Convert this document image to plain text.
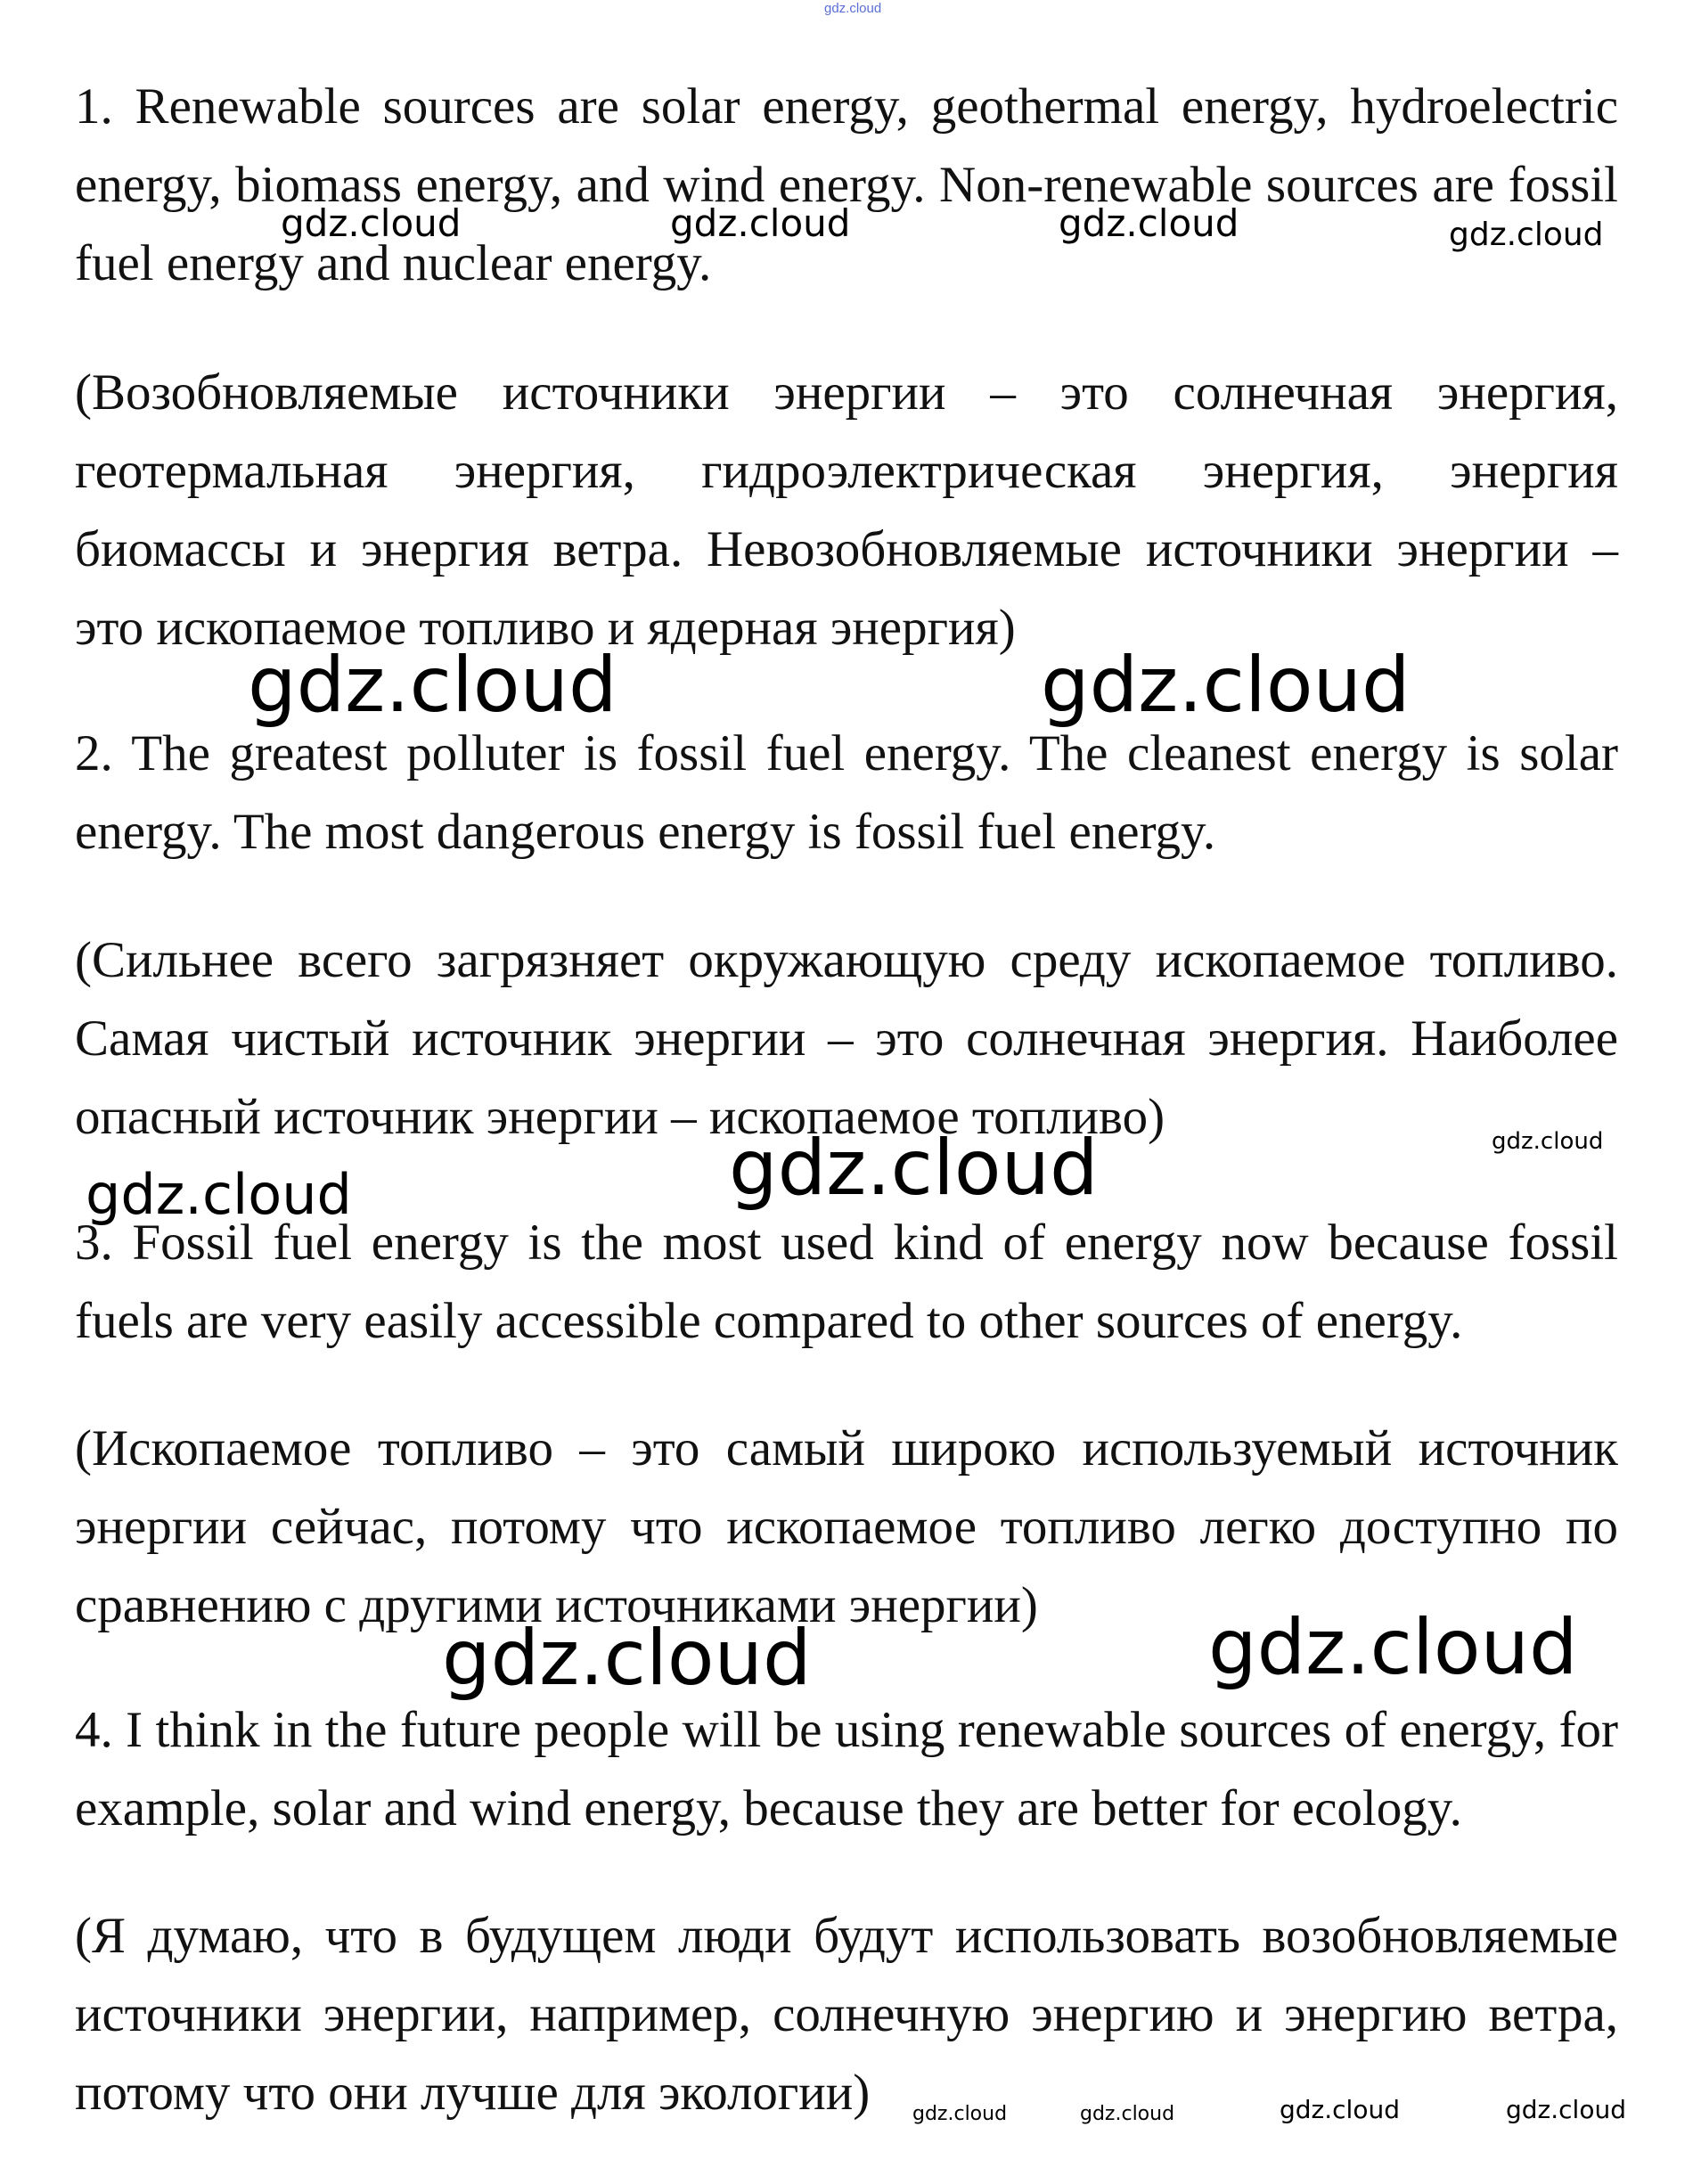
gdz.cloud

1. Renewable sources are solar energy, geothermal energy, hydroelectric energy, biomass energy, and wind energy. Non-renewable sources are fossil fuel energy and nuclear energy.

(Возобновляемые источники энергии – это солнечная энергия, геотермальная энергия, гидроэлектрическая энергия, энергия биомассы и энергия ветра. Невозобновляемые источники энергии – это ископаемое топливо и ядерная энергия)

2. The greatest polluter is fossil fuel energy. The cleanest energy is solar energy. The most dangerous energy is fossil fuel energy.

(Сильнее всего загрязняет окружающую среду ископаемое топливо. Самая чистый источник энергии – это солнечная энергия. Наиболее опасный источник энергии – ископаемое топливо)

3. Fossil fuel energy is the most used kind of energy now because fossil fuels are very easily accessible compared to other sources of energy.

(Ископаемое топливо – это самый широко используемый источник энергии сейчас, потому что ископаемое топливо легко доступно по сравнению с другими источниками энергии)

4. I think in the future people will be using renewable sources of energy, for example, solar and wind energy, because they are better for ecology.

(Я думаю, что в будущем люди будут использовать возобновляемые источники энергии, например, солнечную энергию и энергию ветра, потому что они лучше для экологии)

gdz.cloud	gdz.cloud	gdz.cloud	gdz.cloud
gdz.cloud	gdz.cloud
gdz.cloud
gdz.cloud	gdz.cloud
gdz.cloud	gdz.cloud
gdz.cloud	gdz.cloud	gdz.cloud	gdz.cloud
